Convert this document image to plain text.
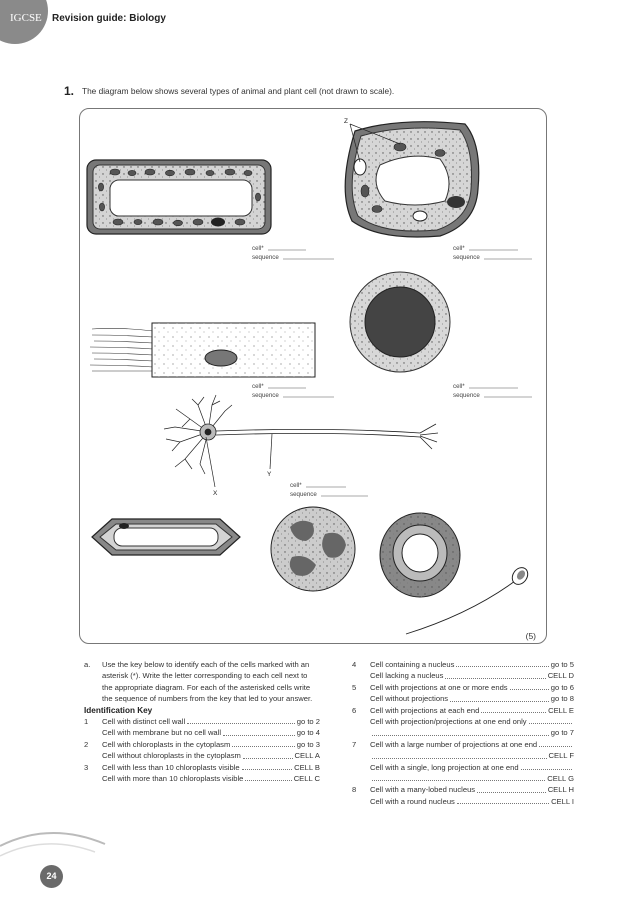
IGCSE Revision guide: Biology
1. The diagram below shows several types of animal and plant cell (not drawn to scale).
cell*
sequence
Z
cell*
sequence
cell*
sequence
cell*
sequence
X
Y
cell*
sequence
(5)
a.	Use the key below to identify each of the cells marked with an asterisk (*). Write the letter corresponding to each cell next to the appropriate diagram. For each of the asterisked cells write the sequence of numbers from the key that led to your answer.
Identification Key
1 Cell with distinct cell wall	go to 2
Cell with membrane but no cell wall	go to 4
2 Cell with chloroplasts in the cytoplasm	go to 3
Cell without chloroplasts in the cytoplasm	CELL A
3 Cell with less than 10 chloroplasts visible	CELL B
Cell with more than 10 chloroplasts visible	CELL C
4 Cell containing a nucleus	go to 5
Cell lacking a nucleus	CELL D
5 Cell with projections at one or more ends	go to 6
Cell without projections	go to 8
6 Cell with projections at each end	CELL E
Cell with projection/projections at one end only
go to 7
7 Cell with a large number of projections at one end
CELL F
Cell with a single, long projection at one end
CELL G
8 Cell with a many-lobed nucleus	CELL H
Cell with a round nucleus	CELL I
24
